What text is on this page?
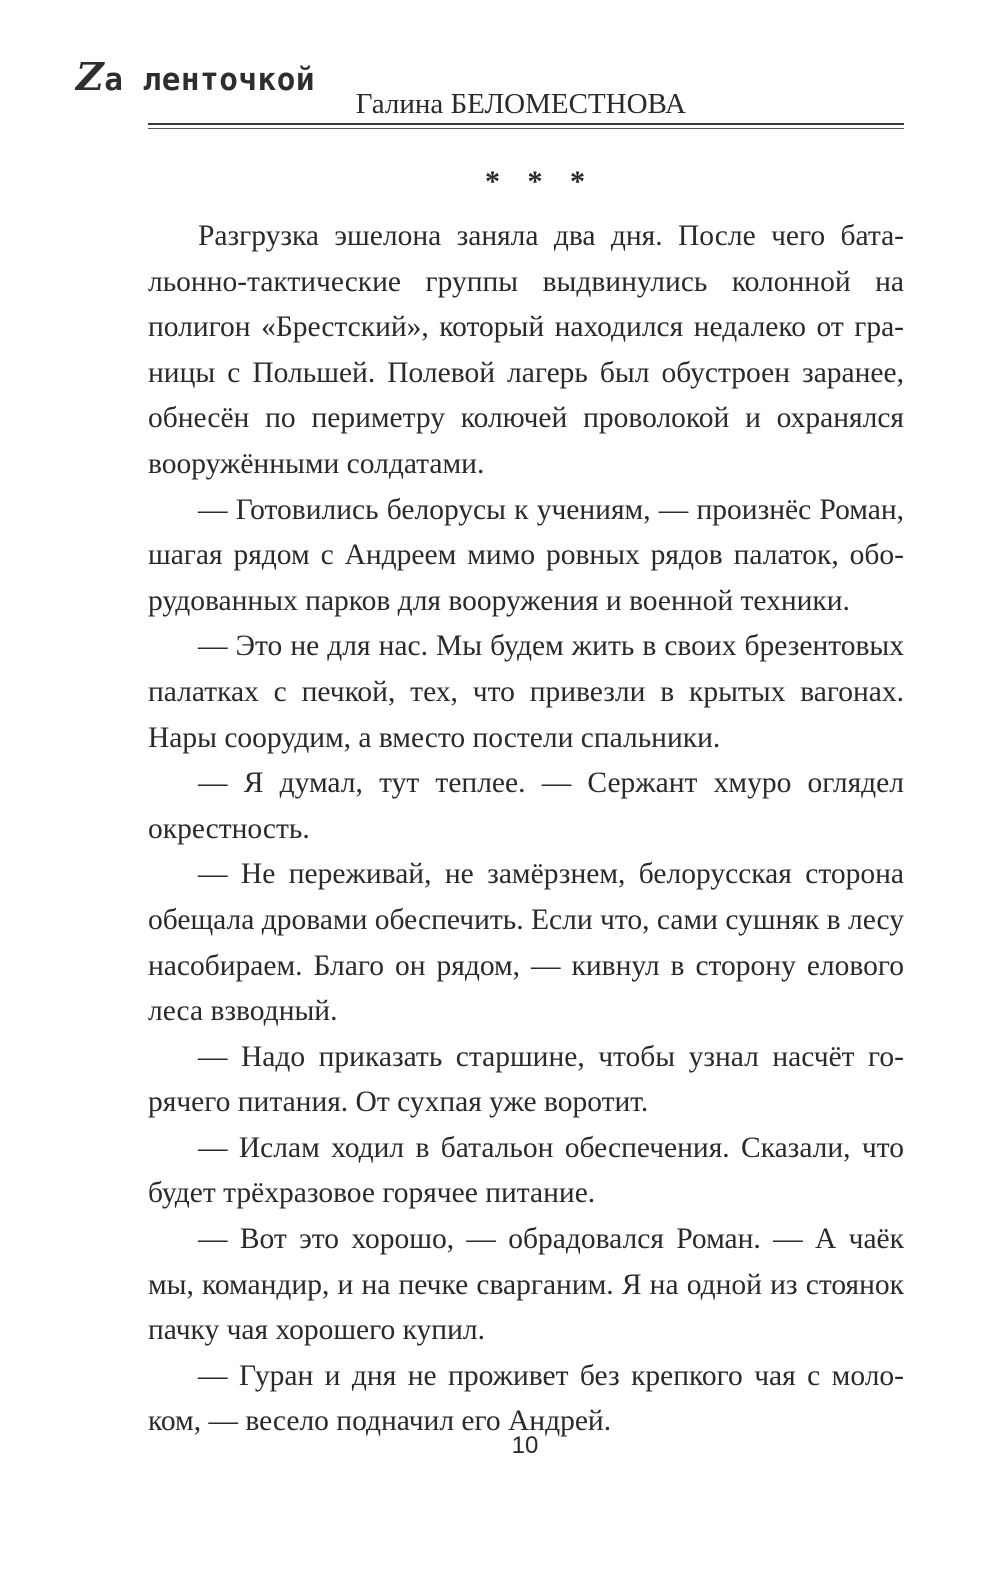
Zа ленточкой
Галина БЕЛОМЕСТНОВА
* * *

Разгрузка эшелона заняла два дня. После чего батальонно-тактические группы выдвинулись колонной на полигон «Брестский», который находился недалеко от границы с Польшей. Полевой лагерь был обустроен заранее, обнесён по периметру колючей проволокой и охранялся вооружёнными солдатами.

— Готовились белорусы к учениям, — произнёс Роман, шагая рядом с Андреем мимо ровных рядов палаток, оборудованных парков для вооружения и военной техники.

— Это не для нас. Мы будем жить в своих брезентовых палатках с печкой, тех, что привезли в крытых вагонах. Нары соорудим, а вместо постели спальники.

— Я думал, тут теплее. — Сержант хмуро оглядел окрестность.

— Не переживай, не замёрзнем, белорусская сторона обещала дровами обеспечить. Если что, сами сушняк в лесу насобираем. Благо он рядом, — кивнул в сторону елового леса взводный.

— Надо приказать старшине, чтобы узнал насчёт горячего питания. От сухпая уже воротит.

— Ислам ходил в батальон обеспечения. Сказали, что будет трёхразовое горячее питание.

— Вот это хорошо, — обрадовался Роман. — А чаёк мы, командир, и на печке сварганим. Я на одной из стоянок пачку чая хорошего купил.

— Гуран и дня не проживет без крепкого чая с молоком, — весело подначил его Андрей.

10
